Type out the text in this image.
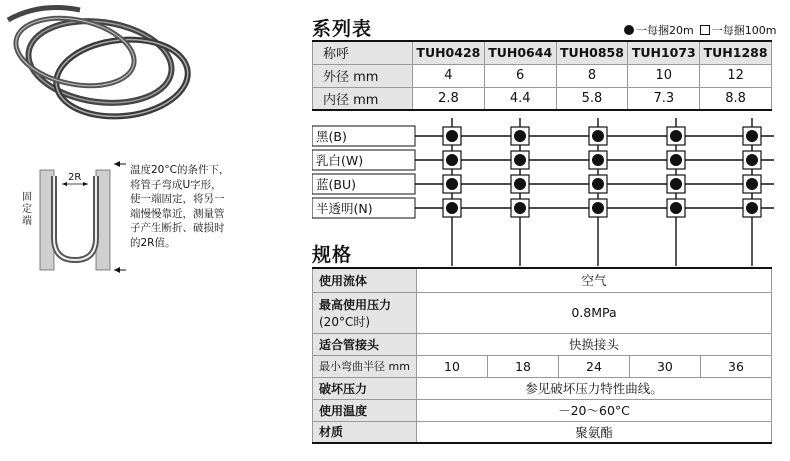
2R
固定端
温度20°C的条件下，
将管子弯成U字形，
使一端固定，将另一
端慢慢靠近，测量管
子产生断折、破损时
的2R值。
系列表	一每捆20m 一每捆100m
称呼	TUH0428	TUH0644	TUH0858	TUH1073	TUH1288
外径 mm	4	6	8	10	12
内径 mm	2.8	4.4	5.8	7.3	8.8
黑(B)
乳白(W)
蓝(BU)
半透明(N)
规格
使用流体	空气				

最高使用压力
(20°C时)	0.8MPa				
适合管接头	快换接头				
最小弯曲半径 mm	10	18	24	30	36
破坏压力	参见破坏压力特性曲线。				
使用温度	－20～60°C				
材质	聚氨酯				
